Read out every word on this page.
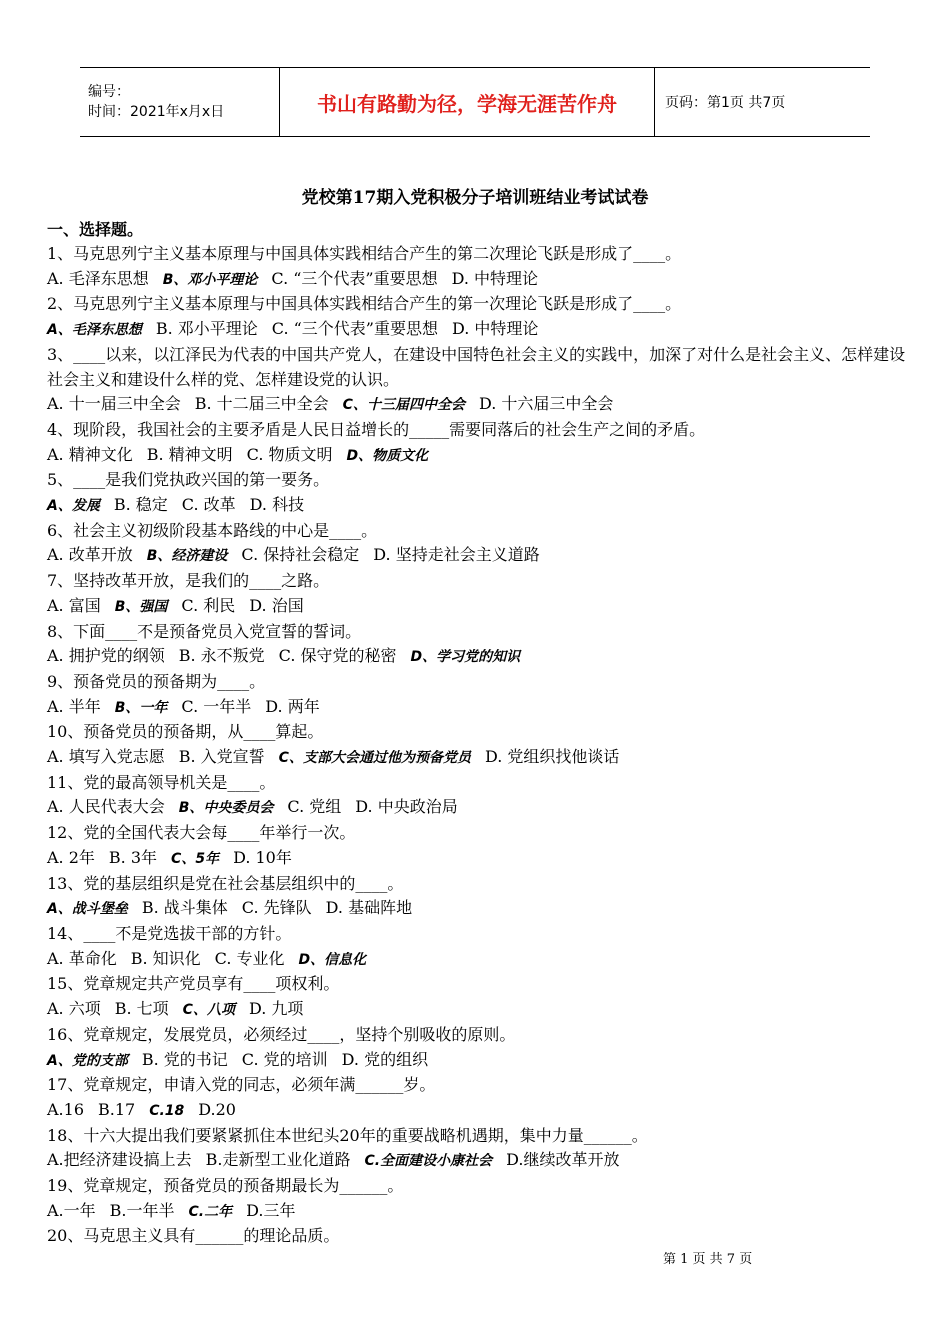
编号：
时间：2021年x月x日	书山有路勤为径，学海无涯苦作舟	页码：第1页 共7页
党校第17期入党积极分子培训班结业考试试卷
一、选择题。
1、马克思列宁主义基本原理与中国具体实践相结合产生的第二次理论飞跃是形成了____。
A. 毛泽东思想 B、邓小平理论 C. “三个代表”重要思想 D. 中特理论
2、马克思列宁主义基本原理与中国具体实践相结合产生的第一次理论飞跃是形成了____。
A、毛泽东思想 B. 邓小平理论 C. “三个代表”重要思想 D. 中特理论
3、____以来，以江泽民为代表的中国共产党人，在建设中国特色社会主义的实践中，加深了对什么是社会主义、怎样建设社会主义和建设什么样的党、怎样建设党的认识。
A. 十一届三中全会 B. 十二届三中全会 C、十三届四中全会 D. 十六届三中全会
4、现阶段，我国社会的主要矛盾是人民日益增长的_____需要同落后的社会生产之间的矛盾。
A. 精神文化 B. 精神文明 C. 物质文明 D、物质文化
5、____是我们党执政兴国的第一要务。
A、发展 B. 稳定 C. 改革 D. 科技
6、社会主义初级阶段基本路线的中心是____。
A. 改革开放 B、经济建设 C. 保持社会稳定 D. 坚持走社会主义道路
7、坚持改革开放，是我们的____之路。
A. 富国 B、强国 C. 利民 D. 治国
8、下面____不是预备党员入党宣誓的誓词。
A. 拥护党的纲领 B. 永不叛党 C. 保守党的秘密 D、学习党的知识
9、预备党员的预备期为____。
A. 半年 B、一年 C. 一年半 D. 两年
10、预备党员的预备期，从____算起。
A. 填写入党志愿 B. 入党宣誓 C、支部大会通过他为预备党员 D. 党组织找他谈话
11、党的最高领导机关是____。
A. 人民代表大会 B、中央委员会 C. 党组 D. 中央政治局
12、党的全国代表大会每____年举行一次。
A. 2年 B. 3年 C、5年 D. 10年
13、党的基层组织是党在社会基层组织中的____。
A、战斗堡垒 B. 战斗集体 C. 先锋队 D. 基础阵地
14、____不是党选拔干部的方针。
A. 革命化 B. 知识化 C. 专业化 D、信息化
15、党章规定共产党员享有____项权利。
A. 六项 B. 七项 C、八项 D. 九项
16、党章规定，发展党员，必须经过____，坚持个别吸收的原则。
A、党的支部 B. 党的书记 C. 党的培训 D. 党的组织
17、党章规定，申请入党的同志，必须年满______岁。
A.16 B.17 C.18 D.20
18、十六大提出我们要紧紧抓住本世纪头20年的重要战略机遇期，集中力量______。
A.把经济建设搞上去 B.走新型工业化道路 C.全面建设小康社会 D.继续改革开放
19、党章规定，预备党员的预备期最长为______。
A.一年 B.一年半 C.二年 D.三年
20、马克思主义具有______的理论品质。
第 1 页 共 7 页
